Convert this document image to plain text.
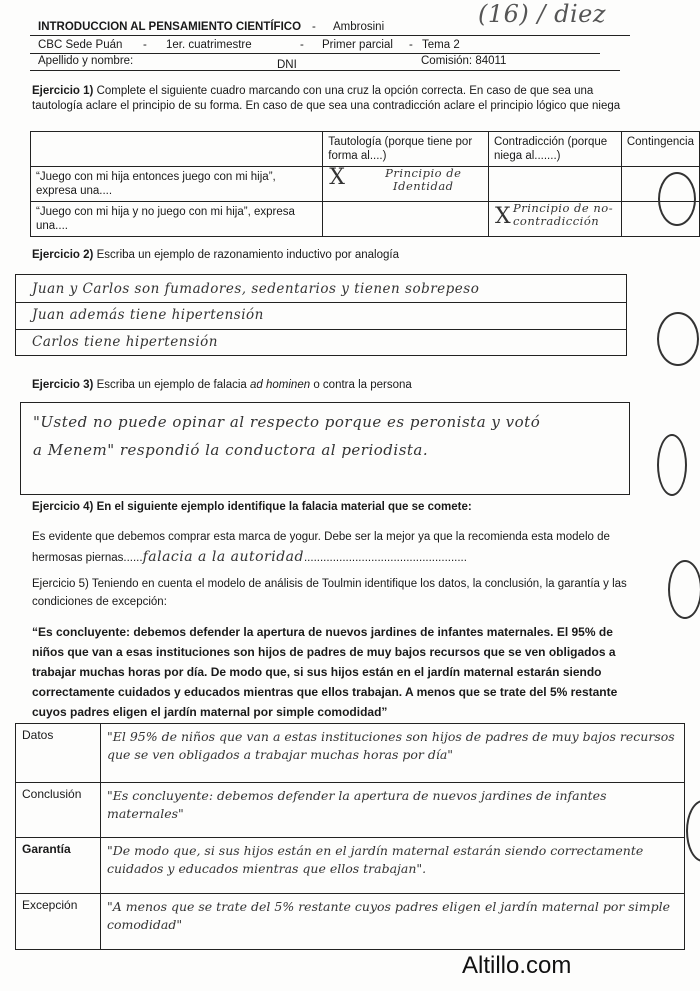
INTRODUCCION AL PENSAMIENTO CIENTÍFICO - Ambrosini	(16) / diez
CBC Sede Puán - 1er. cuatrimestre	- Primer parcial - Tema 2
Apellido y nombre:	DNI	Comisión: 84011
Ejercicio 1) Complete el siguiente cuadro marcando con una cruz la opción correcta. En caso de que sea una tautología aclare el principio de su forma. En caso de que sea una contradicción aclare el principio lógico que niega
	Tautología (porque tiene por forma al....)	Contradicción (porque niega al.......)	Contingencia
“Juego con mi hija entonces juego con mi hija”, expresa una....	X Principio de Identidad		

“Juego con mi hija y no juego con mi hija”, expresa una....		X Principio de no-contradicción	

Ejercicio 2) Escriba un ejemplo de razonamiento inductivo por analogía
Juan y Carlos son fumadores, sedentarios y tienen sobrepeso
Juan además tiene hipertensión
Carlos tiene hipertensión
Ejercicio 3) Escriba un ejemplo de falacia ad hominen o contra la persona
"Usted no puede opinar al respecto porque es peronista y votó
a Menem" respondió la conductora al periodista.
Ejercicio 4) En el siguiente ejemplo identifique la falacia material que se comete:
Es evidente que debemos comprar esta marca de yogur. Debe ser la mejor ya que la recomienda esta modelo de hermosas piernas......falacia a la autoridad...................................................
Ejercicio 5) Teniendo en cuenta el modelo de análisis de Toulmin identifique los datos, la conclusión, la garantía y las condiciones de excepción:
“Es concluyente: debemos defender la apertura de nuevos jardines de infantes maternales. El 95% de niños que van a esas instituciones son hijos de padres de muy bajos recursos que se ven obligados a trabajar muchas horas por día. De modo que, si sus hijos están en el jardín maternal estarán siendo correctamente cuidados y educados mientras que ellos trabajan. A menos que se trate del 5% restante cuyos padres eligen el jardín maternal por simple comodidad”
Datos	"El 95% de niños que van a estas instituciones son hijos de padres de muy bajos recursos que se ven obligados a trabajar muchas horas por día"
Conclusión	"Es concluyente: debemos defender la apertura de nuevos jardines de infantes maternales"
Garantía	"De modo que, si sus hijos están en el jardín maternal estarán siendo correctamente cuidados y educados mientras que ellos trabajan".
Excepción	"A menos que se trate del 5% restante cuyos padres eligen el jardín maternal por simple comodidad"
Altillo.com
